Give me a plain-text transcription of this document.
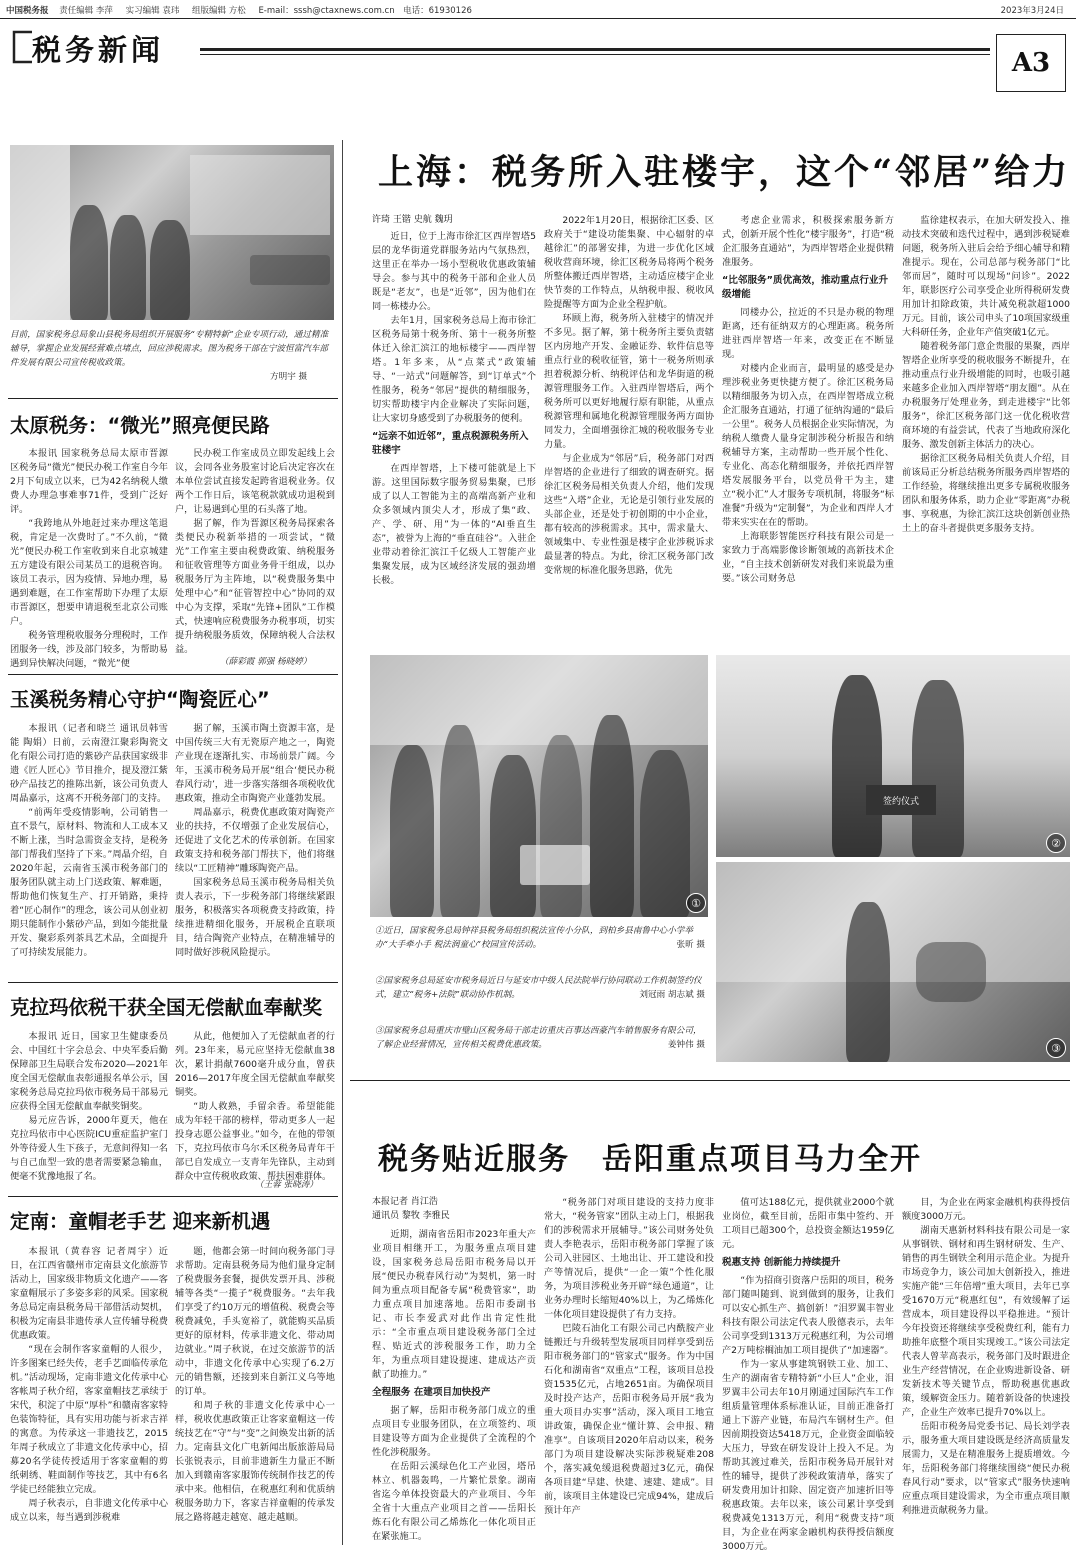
中国税务报 责任编辑 李萍 实习编辑 袁玮 组版编辑 方松 E-mail：sssh@ctaxnews.com.cn　电话：61930126	2023年3月24日
税务新闻	A3
目前，国家税务总局象山县税务局组织开展服务“专精特新”企业专项行动，通过精准辅导，掌握企业发展经营难点堵点，回应涉税需求。图为税务干部在宁波恒富汽车部件发展有限公司宣传税收政策。
方明宇 摄
太原税务：“微光”照亮便民路

本报讯 国家税务总局太原市晋源区税务局“微光”便民办税工作室自今年2月下旬成立以来，已为42名纳税人缴费人办理急事难事71件，受到广泛好评。

“我跨地从外地赶过来办理这笔退税，肯定是一次费时了。”不久前，“微光”便民办税工作室收到来自北京城建五方建设有限公司某员工的退税咨询。该员工表示，因为疫情、异地办理，易遇到难题，在工作室帮助下办理了太原市晋源区，想要申请退税至北京公司账户。

税务管理税收服务分理税时，工作团服务一线，涉及部门较多，为帮助易遇到异快解决问题，“微光”便

民办税工作室成员立即发起线上会议，会同各业务股室讨论后决定容次在本单位尝试直接发起跨省退税业务。仅两个工作日后，该笔税款就成功退税到户，让易遇到心里的石头落了地。

据了解，作为晋源区税务局探索各类便民办税新举措的一项尝试，“微光”工作室主要由税费政策、纳税服务和征收管理等方面业务骨干组成，以办税服务厅为主阵地，以“税费服务集中处理中心”和“征管智控中心”协同的双中心为支撑，采取“先锋+团队”工作模式，快速响应税费服务办税事项，切实提升纳税服务质效，保障纳税人合法权益。

（薛彩霞 郭强 杨晓婷）
玉溪税务精心守护“陶瓷匠心”

本报讯（记者和晓兰 通讯员韩雪能 陶娟）日前，云南澄江聚彩陶瓷文化有限公司打造的紫砂产品获国家级非遗《匠人匠心》节目推介，提及澄江紫砂产品技艺的推陈出新，该公司负责人周晶嘉示，这离不开税务部门的支持。

“前两年受疫情影响，公司销售一直不景气，原材料、物流和人工成本又不断上涨，当时急需资金支持，是税务部门帮我们坚持了下来。”周晶介绍，自2020年起，云南省玉溪市税务部门的服务团队就主动上门送政策、解难题，帮助他们恢复生产、打开销路，秉持着“匠心制作”的理念，该公司从创业初期只能制作小紫砂产品，到如今能批量开发、聚彩系列茶具艺术品，全面提升了可持续发展能力。

据了解，玉溪市陶土资源丰富，是中国传统三大有无瓷原产地之一，陶瓷产业现在逐渐扎实、市场前景广阔。今年，玉溪市税务局开展“组合‘便民办税春风行动’，进一步落实落细各项税收优惠政策，推动全市陶瓷产业蓬勃发展。

周晶嘉示，税费优惠政策对陶瓷产业的扶持，不仅增强了企业发展信心，还促进了文化艺术的传承创新。在国家政策支持和税务部门帮扶下，他们将继续以“工匠精神”雕琢陶瓷产品。

国家税务总局玉溪市税务局相关负责人表示，下一步税务部门将继续紧跟服务，积极落实各项税费支持政策，持续推进精细化服务，开展税企直联项目，结合陶瓷产业特点，在精准辅导的同时做好涉税风险提示。

克拉玛依税干获全国无偿献血奉献奖

本报讯 近日，国家卫生健康委员会、中国红十字会总会、中央军委后勤保障部卫生局联合发布2020—2021年度全国无偿献血表彰通报名单公示，国家税务总局克拉玛依市税务局干部易元应获得全国无偿献血奉献奖铜奖。

易元应告诉，2000年夏天，他在克拉玛依市中心医院ICU重症监护室门外等待爱人生下孩子，无意间得知一名与自己血型一致的患者需要紧急输血，便毫不犹豫地报了名。

从此，他便加入了无偿献血者的行列。23年来，易元应坚持无偿献血38次，累计捐献7600毫升成分血，曾获2016—2017年度全国无偿献血奉献奖铜奖。

“助人救熟，手留余香。希望能能成为年轻干部的榜样，带动更多人一起投身志愿公益事业。”如今，在他的带领下，克拉玛依市乌尔禾区税务局青年干部已自发成立一支青年先锋队，主动到群众中宣传税收政策、帮扶困难群体。

（王蓉 张晓涛）
定南：童帽老手艺 迎来新机遇

本报讯（黄春容 记者周宇）近日，在江西省赣州市定南县文化旅游节活动上，国家级非物质文化遗产——客家童帽展示了多姿多彩的风采。国家税务总局定南县税务局干部借活动契机，积极为定南县非遗传承人宣传辅导税费优惠政策。

“现在会制作客家童帽的人很少，许多图案已经失传，老手艺面临传承危机。”活动现场，定南非遗文化传承中心客帐周子秋介绍，客家童帽技艺承续于宋代，积淀了中原“厚朴”和赣南客家特色装饰特征，具有实用功能与祈求吉祥的寓意。为传承这一非遗技艺，2015年周子秋成立了非遗文化传承中心，招募20名学徒传授适用于客家童帽的剪纸刺绣、鞋面制作等技艺，其中有6名学徒已经能独立完成。

周子秋表示，自非遗文化传承中心成立以来，每当遇到涉税难

题，他都会第一时间向税务部门寻求帮助。定南县税务局为他们量身定制了税费服务套餐，提供发票开具、涉税辅等各类“一揽子”税费服务。“去年我们享受了约10万元的增值税、税费会等税费减免，手头宽裕了，就能购买品质更好的原材料，传承非遗文化、带动周边就业。”周子秋说，在过交旅游节的活动中，非遗文化传承中心实现了6.2万元的销售额，还接到来自新江义乌等地的订单。

和周子秋的非遗文化传承中心一样，税收优惠政策正让客家童帽这一传统技艺在“守”与“变”之间焕发出新的活力。定南县文化广电新闻出版旅游局局长张锐表示，目前非遗新生力量正不断加入到赣南客家服饰传统制作技艺的传承中来。他相信，在税惠红利和优质纳税服务助力下，客家吉祥童帽的传承发展之路将越走越宽、越走越顺。

上海：税务所入驻楼宇，这个“邻居”给力
许琦 王锴 史航 魏玥

近日，位于上海市徐汇区西岸智塔5层的龙华街道党群服务站内气氛热烈，这里正在举办一场小型税收优惠政策辅导会。参与其中的税务干部和企业人员既是“老友”，也是“近邻”，因为他们在同一栋楼办公。

去年1月，国家税务总局上海市徐汇区税务局第十税务所、第十一税务所整体迁入徐汇滨江的地标楼宇——西岸智塔。1年多来，从“点菜式”政策辅导、“一站式”问题解答，到“订单式”个性服务，税务“邻居”提供的精细服务，切实帮助楼宇内企业解决了实际问题，让大家切身感受到了办税服务的便利。

“远亲不如近邻”，重点税源税务所入驻楼宇

在西岸智塔，上下楼可能就是上下游。这里国际数字服务贸易集聚，已形成了以人工智能为主的高端高新产业和众多领域内顶尖人才，形成了集“政、产、学、研、用”为一体的“AI垂直生态”，被誉为上海的“垂直硅谷”。入驻企业带动着徐汇滨江千亿级人工智能产业集聚发展，成为区域经济发展的强劲增长极。

2022年1月20日，根据徐汇区委、区政府关于“建设功能集聚、中心辐射的卓越徐汇”的部署安排，为进一步优化区域税收营商环境，徐汇区税务局将两个税务所整体搬迁西岸智塔，主动适应楼宇企业快节奏的工作特点，从纳税申报、税收风险提醒等方面为企业全程护航。

环顾上海，税务所入驻楼宇的情况并不多见。据了解，第十税务所主要负责辖区内房地产开发、金融证券、软件信息等重点行业的税收征管，第十一税务所则承担着税源分析、纳税评估和龙华街道的税源管理服务工作。入驻西岸智塔后，两个税务所可以更好地履行原有职能，从重点税源管理和属地化税源管理服务两方面协同发力，全面增强徐汇城的税收服务专业力量。

与企业成为“邻居”后，税务部门对西岸智塔的企业进行了细致的调查研究。据徐汇区税务局相关负责人介绍，他们发现这些“入塔”企业，无论是引领行业发展的头部企业，还是处于初创期的中小企业，都有较高的涉税需求。其中，需求量大、领域集中、专业性强是楼宇企业涉税诉求最显著的特点。为此，徐汇区税务部门改变常规的标准化服务思路，优先

考虑企业需求，积极探索服务新方式，创新开展个性化“楼宇服务”，打造“税企汇服务直通站”，为西岸智塔企业提供精准服务。

“比邻服务”质优高效，推动重点行业升级增能

同楼办公，拉近的不只是办税的物理距离，还有征纳双方的心理距离。税务所进驻西岸智塔一年来，改变正在不断显现。

对楼内企业而言，最明显的感受是办理涉税业务更快捷方便了。徐汇区税务局以精细服务为切入点，在西岸智塔成立税企汇服务直通站，打通了征纳沟通的“最后一公里”。税务人员根据企业实际情况，为纳税人缴费人量身定制涉税分析报告和纳税辅导方案，主动帮助一些开展个性化、专业化、高态化精细服务，并依托西岸智塔发展服务平台，以党员骨干为主，建立“税小汇”人才服务专项机制，将服务“标准餐”升级为“定制餐”，为企业和西岸人才带来实实在在的帮助。

上海联影智能医疗科技有限公司是一家致力于高端影像诊断领域的高新技术企业，“自主技术创新研发对我们来说最为重要。”该公司财务总

监徐建权表示，在加大研发投入、推动技术突破和迭代过程中，遇到涉税疑难问题，税务所入驻后会给予细心辅导和精准提示。现在，公司总部与税务部门“比邻而居”，随时可以现场“问诊”。2022年，联影医疗公司享受企业所得税研发费用加计扣除政策，共计减免税款超1000万元。目前，该公司申头了10项国家级重大科研任务，企业年产值突破1亿元。

随着税务部门意企贵服的果聚，西岸智塔企业所享受的税收服务不断提升，在推动重点行业升级增能的同时，也吸引越来越多企业加入西岸智塔“朋友圈”。从在办税服务厅处理业务，到走进楼宇“比邻服务”，徐汇区税务部门这一优化税收营商环境的有益尝试，代表了当地政府深化服务、激发创新主体活力的决心。

据徐汇区税务局相关负责人介绍，目前该局正分析总结税务所服务西岸智塔的工作经验，将继续推出更多专属税收服务团队和服务体系，助力企业“零距离”办税事、享税惠，为徐汇滨江这块创新创业热土上的奋斗者提供更多服务支持。

①
签约仪式
②
③
①近日，国家税务总局钟祥县税务局组织税法宣传小分队，到柏乡县南鲁中心小学举办“大手牵小手 税法润童心”校园宣传活动。	张昕 摄
②国家税务总局延安市税务局近日与延安市中级人民法院举行协同联动工作机制签约仪式，建立“税务+法院”联动协作机制。	刘冠雨 胡志斌 摄
③国家税务总局重庆市璧山区税务局干部走访重庆百事达西豪汽车销售服务有限公司，了解企业经营情况，宣传相关税费优惠政策。	姜钟伟 摄
税务贴近服务　岳阳重点项目马力全开
本报记者 肖江浩
通讯员 黎牧 李雅民

近期，湖南省岳阳市2023年重大产业项目相继开工，为服务重点项目建设，国家税务总局岳阳市税务局以开展“便民办税春风行动”为契机，第一时间为重点项目配备专属“税费管家”，助力重点项目加速落地。岳阳市委副书记、市长李爱武对此作出肯定性批示：“全市重点项目建设税务部门全过程、贴近式的涉税服务工作，助力全年，为重点项目建设提速、建成达产贡献了助推力。”

全程服务 在建项目加快投产

据了解，岳阳市税务部门成立的重点项目专业服务团队，在立项签约、项目建设等方面为企业提供了全流程的个性化涉税服务。

在岳阳云溪绿色化工产业园，塔吊林立、机器轰鸣，一片繁忙景象。湖南省迄今单体投资最大的产业项目、今年全省十大重点产业项目之首——岳阳长炼石化有限公司乙烯炼化一体化项目正在紧张施工。

“税务部门对项目建设的支持力度非常大，“税务管家”团队主动上门，根据我们的涉税需求开展辅导。”该公司财务处负责人李艳表示，岳阳市税务部门掌握了该公司入驻园区、土地出让、开工建设和投产等情况后，提供“一企一策”个性化服务，为项目涉税业务开辟“绿色通道”，让业务办理时长缩短40%以上，为乙烯炼化一体化项目建设提供了有力支持。

巴陵石油化工有限公司己内酰胺产业链搬迁与升级转型发展项目同样享受到岳阳市税务部门的“管家式”服务。作为中国石化和湖南省“双重点”工程，该项目总投资1535亿元，占地2651亩。为确保项目及时投产达产，岳阳市税务局开展“我为重大项目办实事”活动，深入项目工地宣讲政策，确保企业“懂计算、会申报、精准享”。自该项目2020年启动以来，税务部门为项目建设解决实际涉税疑难208个，落实减免缓退税费超过3亿元，确保各项目建“早建、快建、速建、建成”。目前，该项目主体建设已完成94%，建成后预计年产

值可达188亿元，提供就业2000个就业岗位，截至目前，岳阳市集中签约、开工项目已超300个，总投资金额达1959亿元。

税惠支持 创新能力持续提升

“作为招商引资落户岳阳的项目，税务部门随叫随到、说到做到的服务，让我们可以安心抓生产、搞创新！”泪罗翼丰智业科技有限公司法定代表人殷德表示，去年公司享受到1313万元税惠红利，为公司增产2万吨棕榈油加工项目提供了“加速器”。

作为一家从事建筑钢铁工业、加工、生产的湖南省专精特新“小巨人”企业，泪罗翼丰公司去年10月刚通过国际汽车工作组质量管理体系标准认证，目前正准备打通上下游产业链，布局汽车钢材生产。但因前期投资达5418万元，企业资金面临较大压力，导致在研发设计上投入不足。为帮助其渡过难关，岳阳市税务局开展针对性的辅导，提供了涉税政策清单，落实了研发费用加计扣除、固定资产加速折旧等税惠政策。去年以来，该公司累计享受到税费减免1313万元，利用“税费支持”项目，为企业在两家金融机构获得授信额度3000万元。

目，为企业在两家金融机构获得授信额度3000万元。

湖南天惠新材料科技有限公司是一家从事钢铁、钢材和再生钢材研发、生产、销售的再生钢铁全利用示范企业。为提升市场竞争力，该公司加大创新投入，推进实施产能“三年倍增”重大项目，去年已享受1670万元“税惠红包”，有效缓解了运营成本，项目建设得以平稳推进。“预计今年投资还将继续享受税费红利，能有力助推年底整个项目实现竣工。”该公司法定代表人曾苹高表示，税务部门及时跟进企业生产经营情况，在企业购进新设备、研发新技术等关键节点，帮助税惠优惠政策，缓解资金压力。随着新设备的快速投产，企业生产效率已提升70%以上。

岳阳市税务局党委书记、局长刘学表示，服务重大项目建设既是经济高质量发展需力，又是在精准服务上提质增效。今年，岳阳税务部门将继续围绕“便民办税春风行动”要求，以“管家式”服务快速响应重点项目建设需求，为全市重点项目顺利推进贡献税务力量。
